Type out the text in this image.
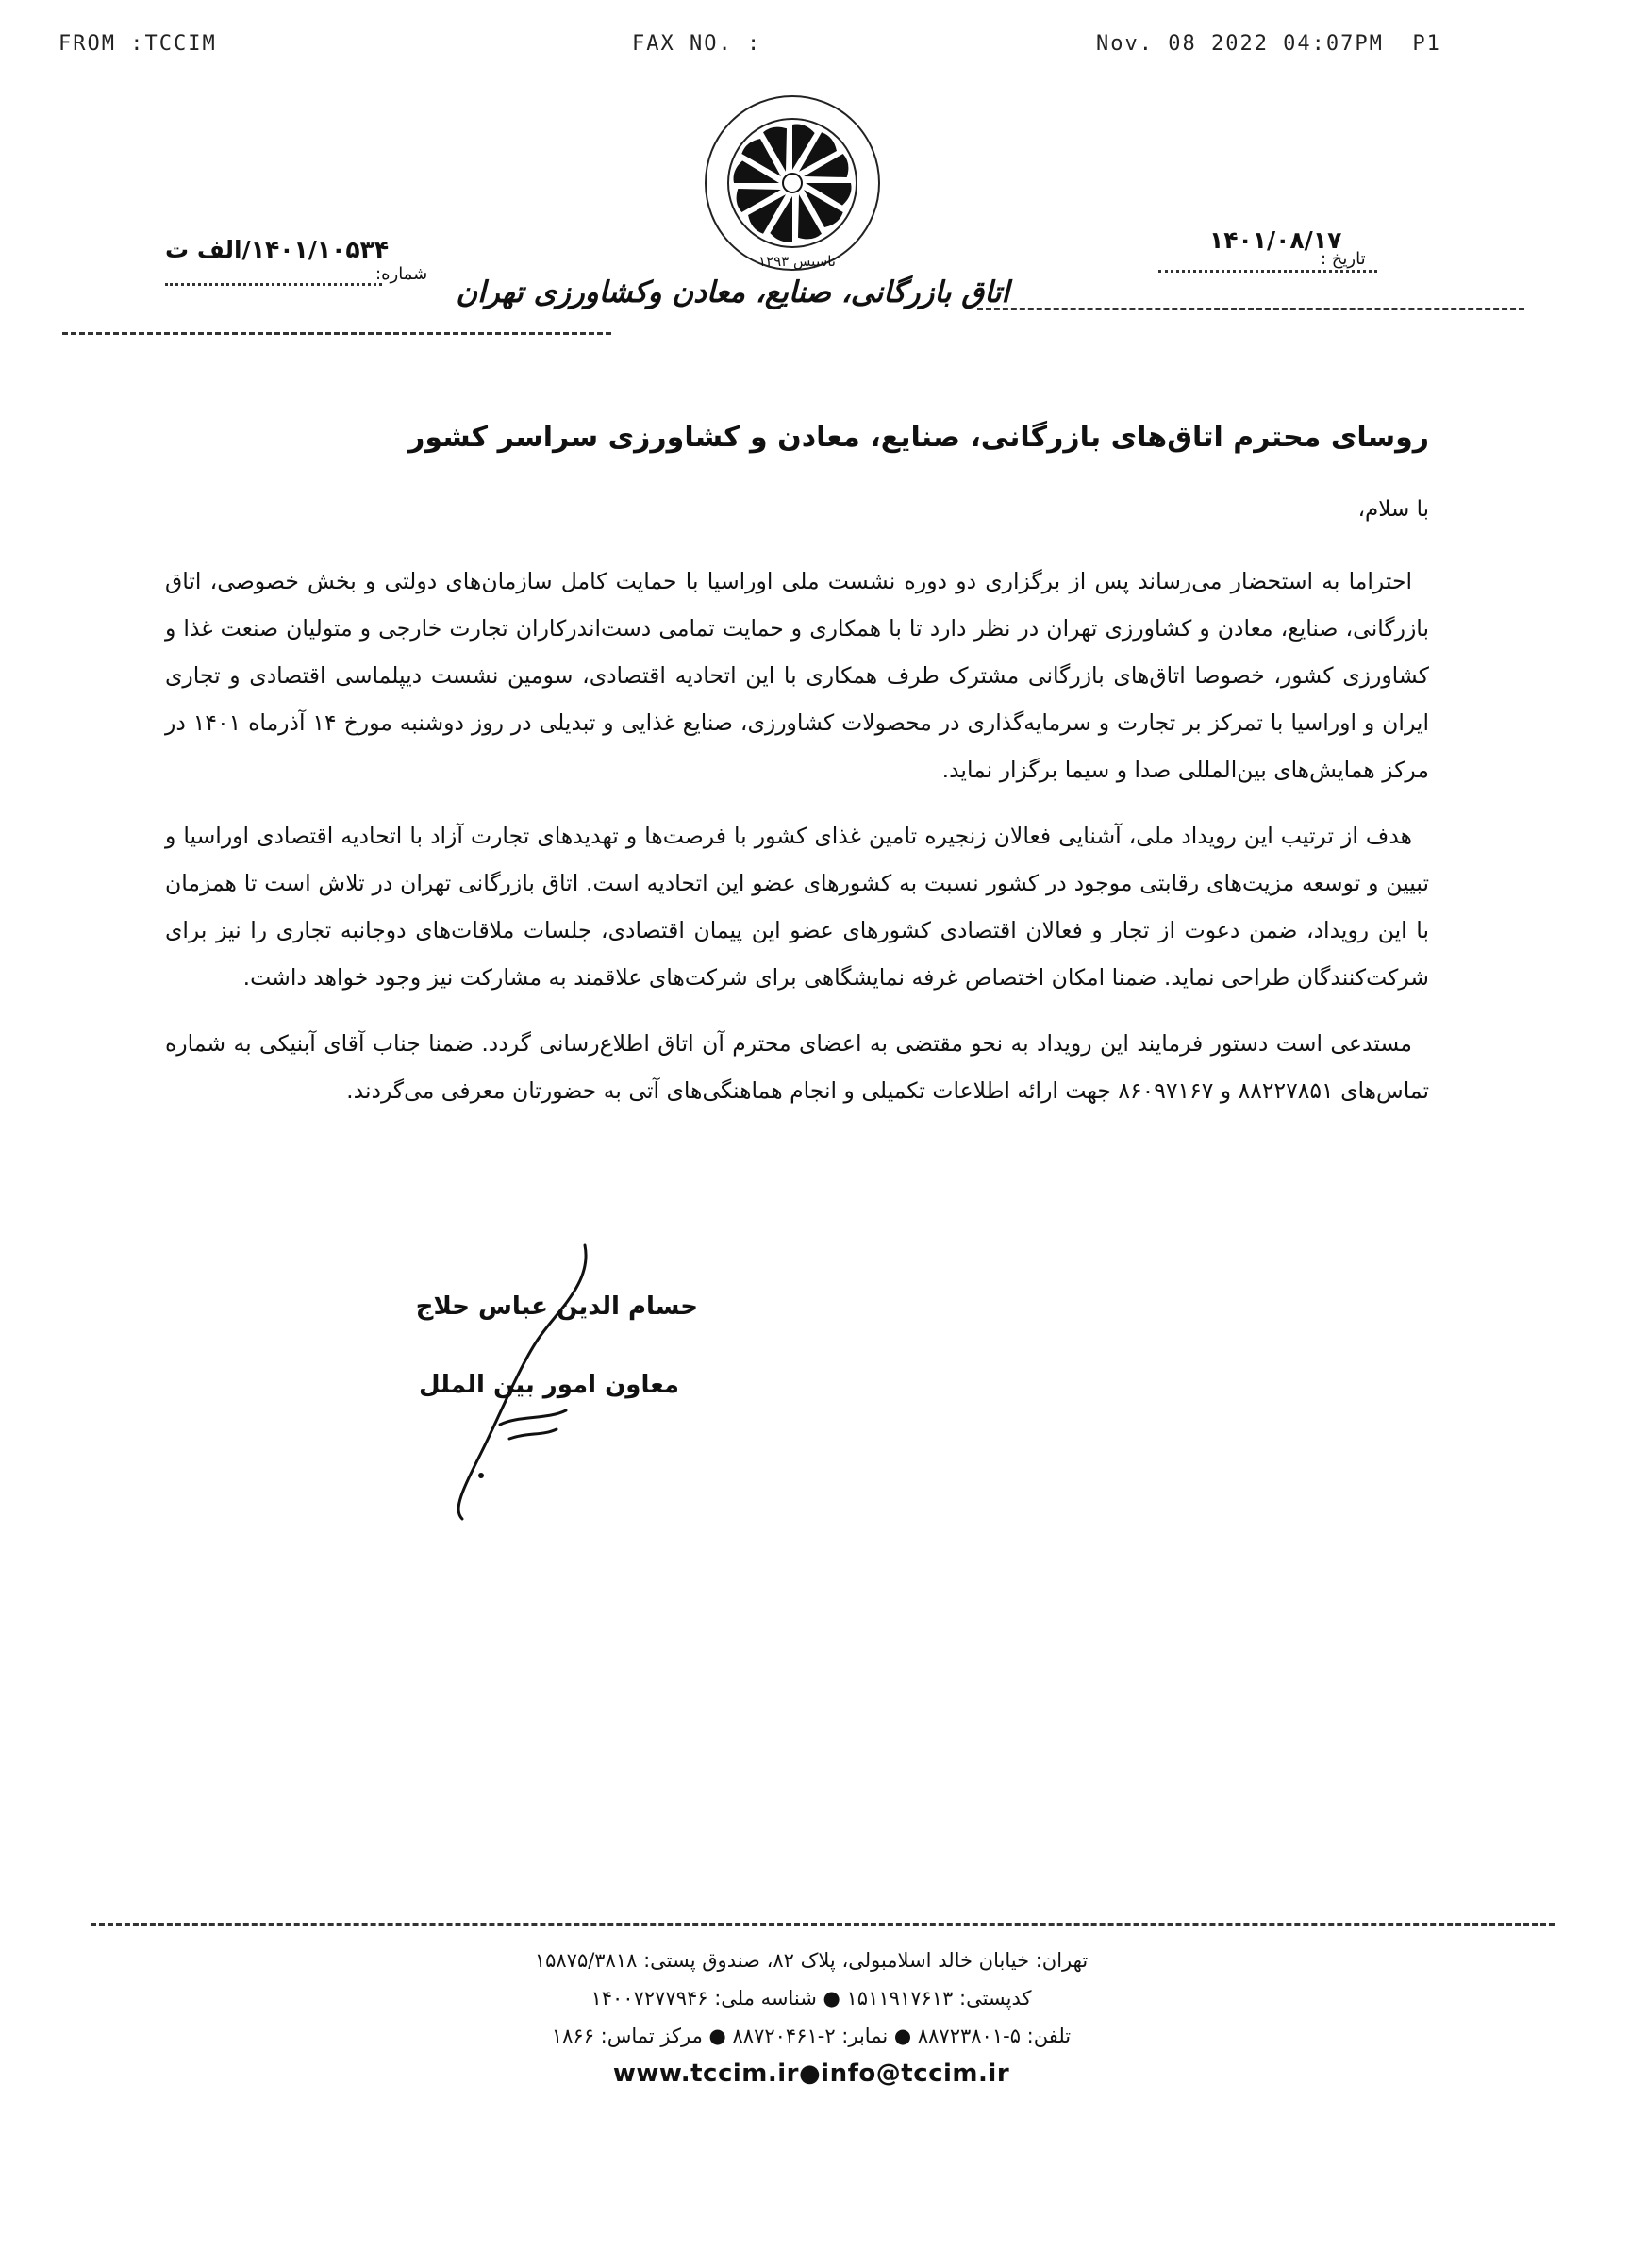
FROM :TCCIM	FAX NO. :	Nov. 08 2022 04:07PM  P1
تاسیس ۱۲۹۳
اتاق بازرگانی، صنایع، معادن وکشاورزی تهران
تاریخ :
۱۴۰۱/۰۸/۱۷
شماره:
۱۴۰۱/۱۰۵۳۴/الف ت
روسای محترم اتاق‌های بازرگانی، صنایع، معادن و کشاورزی سراسر کشور
با سلام،

احتراما به استحضار می‌رساند پس از برگزاری دو دوره نشست ملی اوراسیا با حمایت کامل سازمان‌های دولتی و بخش خصوصی، اتاق بازرگانی، صنایع، معادن و کشاورزی تهران در نظر دارد تا با همکاری و حمایت تمامی دست‌اندرکاران تجارت خارجی و متولیان صنعت غذا و کشاورزی کشور، خصوصا اتاق‌های بازرگانی مشترک طرف همکاری با این اتحادیه اقتصادی، سومین نشست دیپلماسی اقتصادی و تجاری ایران و اوراسیا با تمرکز بر تجارت و سرمایه‌گذاری در محصولات کشاورزی، صنایع غذایی و تبدیلی در روز دوشنبه مورخ ۱۴ آذرماه ۱۴۰۱ در مرکز همایش‌های بین‌المللی صدا و سیما برگزار نماید.

هدف از ترتیب این رویداد ملی، آشنایی فعالان زنجیره تامین غذای کشور با فرصت‌ها و تهدیدهای تجارت آزاد با اتحادیه اقتصادی اوراسیا و تبیین و توسعه مزیت‌های رقابتی موجود در کشور نسبت به کشورهای عضو این اتحادیه است. اتاق بازرگانی تهران در تلاش است تا همزمان با این رویداد، ضمن دعوت از تجار و فعالان اقتصادی کشورهای عضو این پیمان اقتصادی، جلسات ملاقات‌های دوجانبه تجاری را نیز برای شرکت‌کنندگان طراحی نماید. ضمنا امکان اختصاص غرفه نمایشگاهی برای شرکت‌های علاقمند به مشارکت نیز وجود خواهد داشت.

مستدعی است دستور فرمایند این رویداد به نحو مقتضی به اعضای محترم آن اتاق اطلاع‌رسانی گردد. ضمنا جناب آقای آبنیکی به شماره تماس‌های ۸۸۲۲۷۸۵۱ و ۸۶۰۹۷۱۶۷ جهت ارائه اطلاعات تکمیلی و انجام هماهنگی‌های آتی به حضورتان معرفی می‌گردند.

حسام الدین عباس حلاج
معاون امور بین الملل
تهران: خیابان خالد اسلامبولی، پلاک ۸۲، صندوق پستی: ۱۵۸۷۵/۳۸۱۸
کدپستی: ۱۵۱۱۹۱۷۶۱۳ ● شناسه ملی: ۱۴۰۰۷۲۷۷۹۴۶
تلفن: ۵-۸۸۷۲۳۸۰۱ ● نمابر: ۲-۸۸۷۲۰۴۶۱ ● مرکز تماس: ۱۸۶۶
www.tccim.ir●info@tccim.ir
